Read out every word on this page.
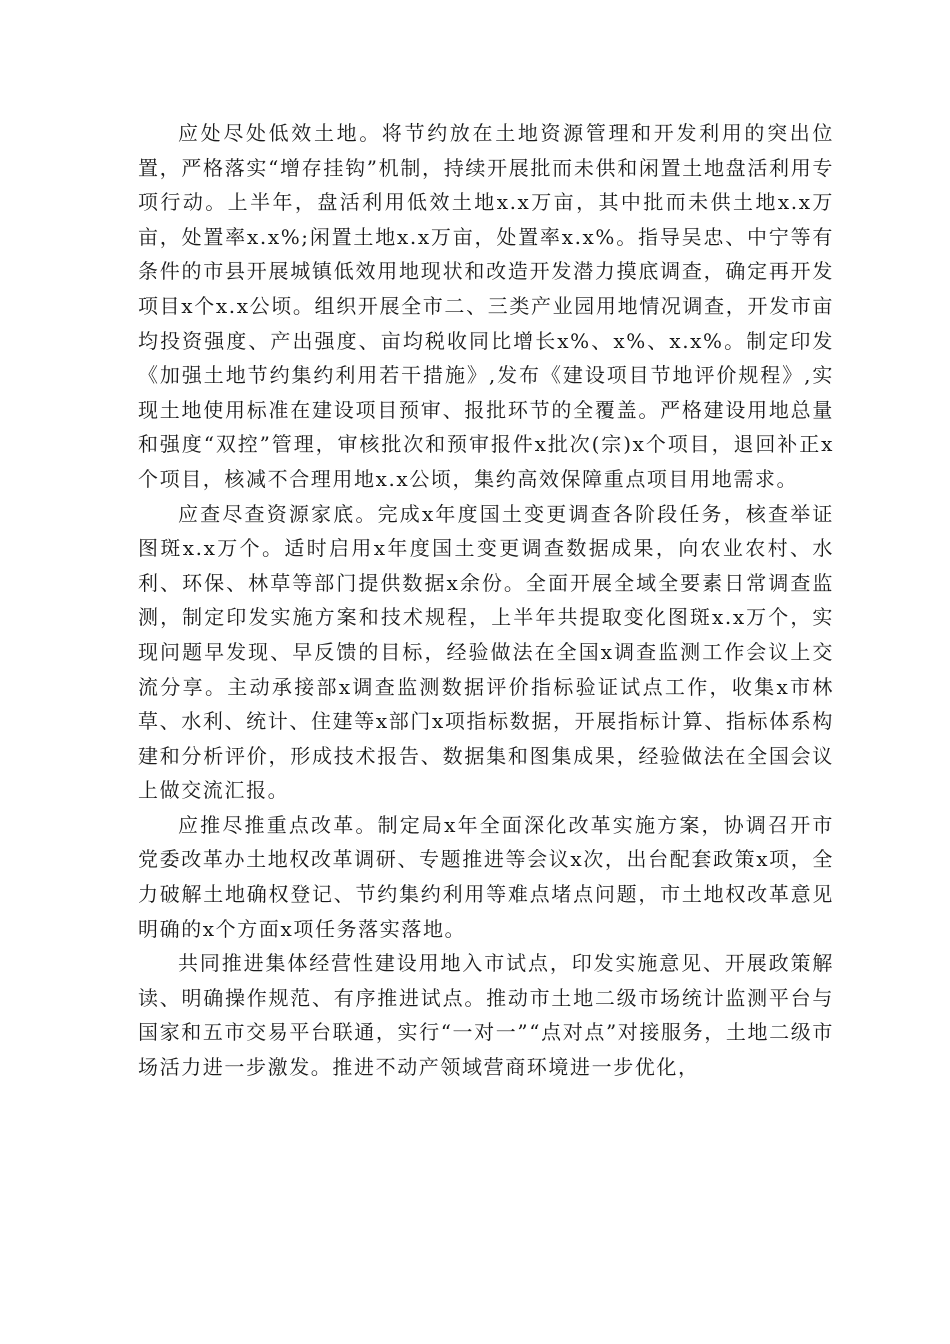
应处尽处低效土地。将节约放在土地资源管理和开发利用的突出位置，严格落实“增存挂钩”机制，持续开展批而未供和闲置土地盘活利用专项行动。上半年，盘活利用低效土地x.x万亩，其中批而未供土地x.x万亩，处置率x.x%;闲置土地x.x万亩，处置率x.x%。指导吴忠、中宁等有条件的市县开展城镇低效用地现状和改造开发潜力摸底调查，确定再开发项目x个x.x公顷。组织开展全市二、三类产业园用地情况调查，开发市亩均投资强度、产出强度、亩均税收同比增长x%、x%、x.x%。制定印发《加强土地节约集约利用若干措施》,发布《建设项目节地评价规程》,实现土地使用标准在建设项目预审、报批环节的全覆盖。严格建设用地总量和强度“双控”管理，审核批次和预审报件x批次(宗)x个项目，退回补正x个项目，核减不合理用地x.x公顷，集约高效保障重点项目用地需求。

应查尽查资源家底。完成x年度国土变更调查各阶段任务，核查举证图斑x.x万个。适时启用x年度国土变更调查数据成果，向农业农村、水利、环保、林草等部门提供数据x余份。全面开展全域全要素日常调查监测，制定印发实施方案和技术规程，上半年共提取变化图斑x.x万个，实现问题早发现、早反馈的目标，经验做法在全国x调查监测工作会议上交流分享。主动承接部x调查监测数据评价指标验证试点工作，收集x市林草、水利、统计、住建等x部门x项指标数据，开展指标计算、指标体系构建和分析评价，形成技术报告、数据集和图集成果，经验做法在全国会议上做交流汇报。

应推尽推重点改革。制定局x年全面深化改革实施方案，协调召开市党委改革办土地权改革调研、专题推进等会议x次，出台配套政策x项，全力破解土地确权登记、节约集约利用等难点堵点问题，市土地权改革意见明确的x个方面x项任务落实落地。

共同推进集体经营性建设用地入市试点，印发实施意见、开展政策解读、明确操作规范、有序推进试点。推动市土地二级市场统计监测平台与国家和五市交易平台联通，实行“一对一”“点对点”对接服务，土地二级市场活力进一步激发。推进不动产领域营商环境进一步优化，
